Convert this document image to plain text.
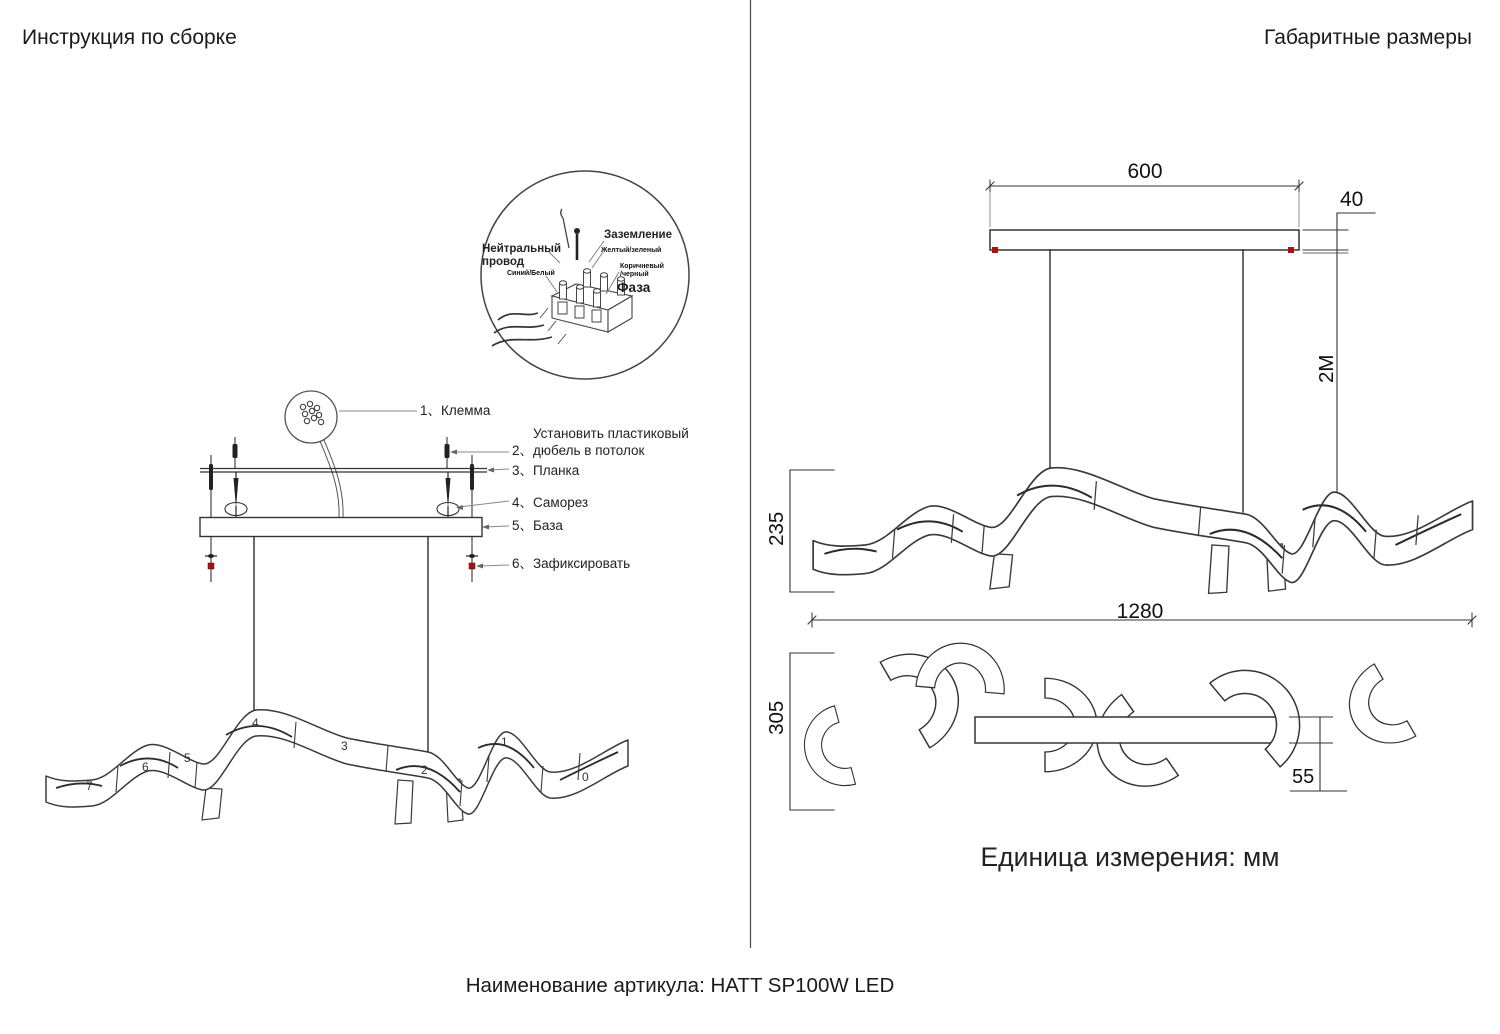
Инструкция по сборке	Габаритные размеры
Нейтральный
провод
Синий/Белый
Заземление
Желтый/зеленый
Коричневый
/черный
Фаза
1、Клемма
Установить пластиковый
2、дюбель в потолок
3、Планка
4、Саморез
5、База
6、Зафиксировать
7
6
5
4
3
2
1
0
600
40
2M
235
1280
305
55
Единица измерения: мм
Наименование артикула: HATT SP100W LED
